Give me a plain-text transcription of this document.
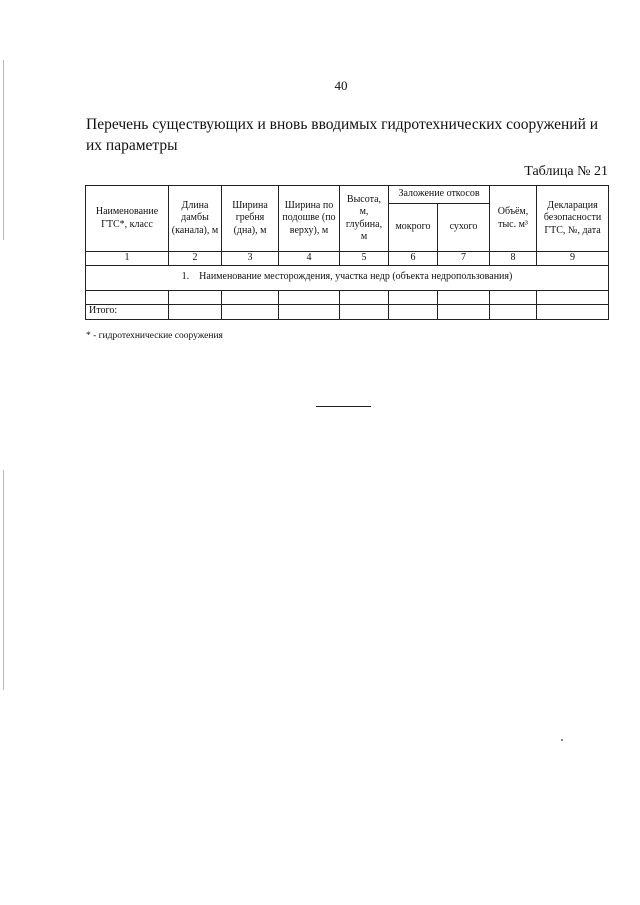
40
Перечень существующих и вновь вводимых гидротехнических сооружений и их параметры
Таблица № 21
Наименование ГТС*, класс	Длина дамбы (канала), м	Ширина гребня (дна), м	Ширина по подошве (по верху), м	Высота, м, глубина, м	Заложение откосов		Объём, тыс. м³	Декларация безопасности ГТС, №, дата
					мокрого	сухого		
1	2	3	4	5	6	7	8	9
1.    Наименование месторождения, участка недр (объекта недропользования)								

Итого:								
* - гидротехнические сооружения
